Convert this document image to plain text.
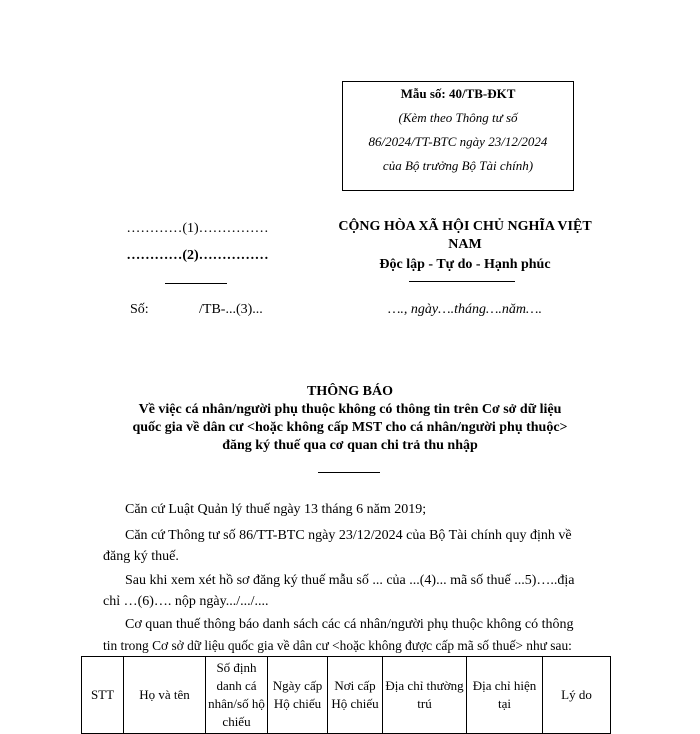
Mẫu số: 40/TB-ĐKT

(Kèm theo Thông tư số

86/2024/TT-BTC ngày 23/12/2024

của Bộ trưởng Bộ Tài chính)

…………(1)……………
…………(2)……………
Số:	/TB-...(3)...
CỘNG HÒA XÃ HỘI CHỦ NGHĨA VIỆT
NAM
Độc lập - Tự do - Hạnh phúc
…., ngày….tháng….năm….
THÔNG BÁO
Về việc cá nhân/người phụ thuộc không có thông tin trên Cơ sở dữ liệu
quốc gia về dân cư <hoặc không cấp MST cho cá nhân/người phụ thuộc>
đăng ký thuế qua cơ quan chi trả thu nhập
Căn cứ Luật Quản lý thuế ngày 13 tháng 6 năm 2019;
Căn cứ Thông tư số 86/TT-BTC ngày 23/12/2024 của Bộ Tài chính quy định về
đăng ký thuế.
Sau khi xem xét hồ sơ đăng ký thuế mẫu số ... của ...(4)... mã số thuế ...5)…..địa
chỉ …(6)…. nộp ngày.../.../....
Cơ quan thuế thông báo danh sách các cá nhân/người phụ thuộc không có thông
tin trong Cơ sở dữ liệu quốc gia về dân cư <hoặc không được cấp mã số thuế> như sau:
STT	Họ và tên	Số định danh cá nhân/số hộ chiếu	Ngày cấp Hộ chiếu	Nơi cấp Hộ chiếu	Địa chỉ thường trú	Địa chỉ hiện tại	Lý do
